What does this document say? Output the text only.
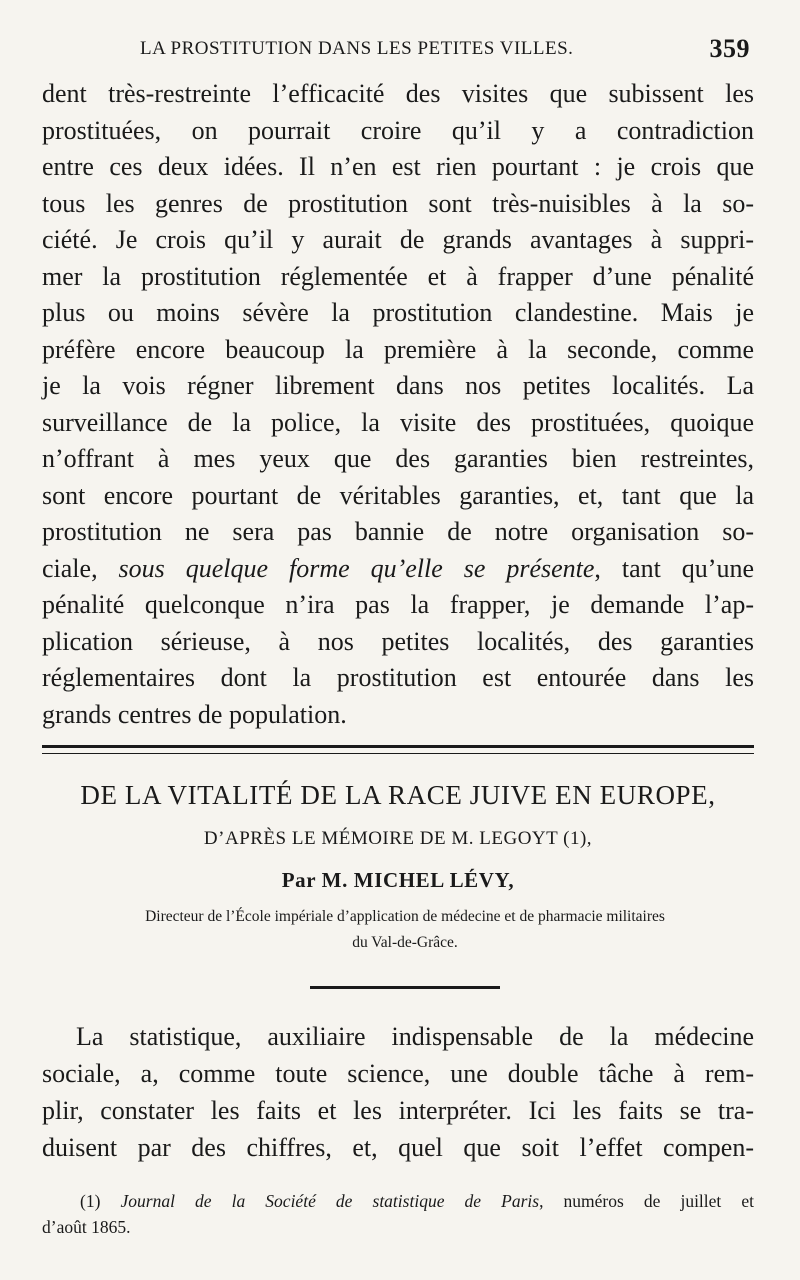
LA PROSTITUTION DANS LES PETITES VILLES.	359
dent très-restreinte l’efficacité des visites que subissent les
prostituées, on pourrait croire qu’il y a contradiction
entre ces deux idées. Il n’en est rien pourtant : je crois que
tous les genres de prostitution sont très-nuisibles à la so-
ciété. Je crois qu’il y aurait de grands avantages à suppri-
mer la prostitution réglementée et à frapper d’une pénalité
plus ou moins sévère la prostitution clandestine. Mais je
préfère encore beaucoup la première à la seconde, comme
je la vois régner librement dans nos petites localités. La
surveillance de la police, la visite des prostituées, quoique
n’offrant à mes yeux que des garanties bien restreintes,
sont encore pourtant de véritables garanties, et, tant que la
prostitution ne sera pas bannie de notre organisation so-
ciale, sous quelque forme qu’elle se présente, tant qu’une
pénalité quelconque n’ira pas la frapper, je demande l’ap-
plication sérieuse, à nos petites localités, des garanties
réglementaires dont la prostitution est entourée dans les
grands centres de population.
DE LA VITALITÉ DE LA RACE JUIVE EN EUROPE,
D’APRÈS LE MÉMOIRE DE M. LEGOYT (1),
Par M. MICHEL LÉVY,
Directeur de l’École impériale d’application de médecine et de pharmacie militaires
du Val-de-Grâce.
La statistique, auxiliaire indispensable de la médecine
sociale, a, comme toute science, une double tâche à rem-
plir, constater les faits et les interpréter. Ici les faits se tra-
duisent par des chiffres, et, quel que soit l’effet compen-
(1) Journal de la Société de statistique de Paris, numéros de juillet et
d’août 1865.
